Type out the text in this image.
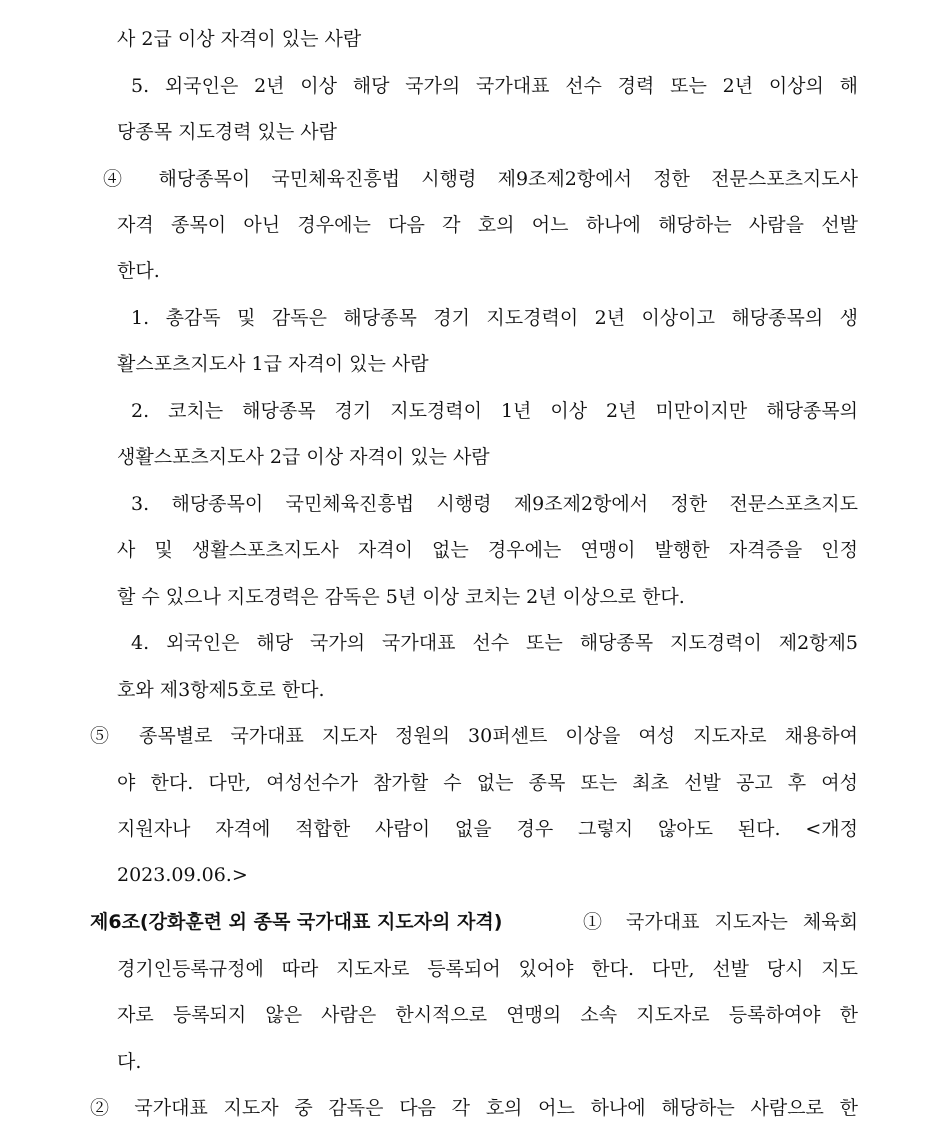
사 2급 이상 자격이 있는 사람
5. 외국인은 2년 이상 해당 국가의 국가대표 선수 경력 또는 2년 이상의 해
당종목 지도경력 있는 사람
④ 해당종목이 국민체육진흥법 시행령 제9조제2항에서 정한 전문스포츠지도사
자격 종목이 아닌 경우에는 다음 각 호의 어느 하나에 해당하는 사람을 선발
한다.
1. 총감독 및 감독은 해당종목 경기 지도경력이 2년 이상이고 해당종목의 생
활스포츠지도사 1급 자격이 있는 사람
2. 코치는 해당종목 경기 지도경력이 1년 이상 2년 미만이지만 해당종목의
생활스포츠지도사 2급 이상 자격이 있는 사람
3. 해당종목이 국민체육진흥법 시행령 제9조제2항에서 정한 전문스포츠지도
사 및 생활스포츠지도사 자격이 없는 경우에는 연맹이 발행한 자격증을 인정
할 수 있으나 지도경력은 감독은 5년 이상 코치는 2년 이상으로 한다.
4. 외국인은 해당 국가의 국가대표 선수 또는 해당종목 지도경력이 제2항제5
호와 제3항제5호로 한다.
⑤ 종목별로 국가대표 지도자 정원의 30퍼센트 이상을 여성 지도자로 채용하여
야 한다. 다만, 여성선수가 참가할 수 없는 종목 또는 최초 선발 공고 후 여성
지원자나 자격에 적합한 사람이 없을 경우 그렇지 않아도 된다. <개정
2023.09.06.>
제6조(강화훈련 외 종목 국가대표 지도자의 자격)	① 국가대표 지도자는 체육회
경기인등록규정에 따라 지도자로 등록되어 있어야 한다. 다만, 선발 당시 지도
자로 등록되지 않은 사람은 한시적으로 연맹의 소속 지도자로 등록하여야 한
다.
② 국가대표 지도자 중 감독은 다음 각 호의 어느 하나에 해당하는 사람으로 한
